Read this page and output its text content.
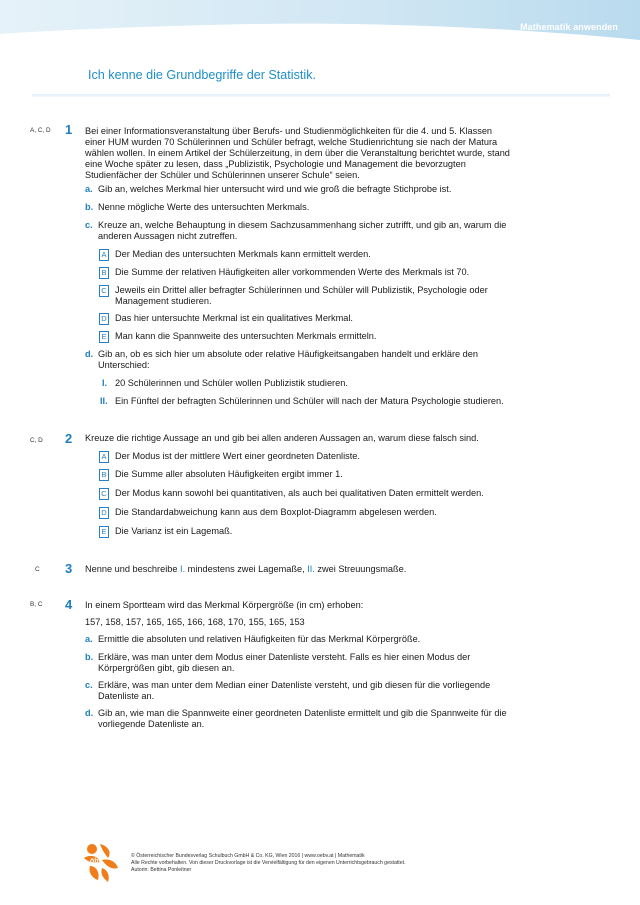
Mathematik anwenden
Ich kenne die Grundbegriffe der Statistik.
A, C, D 1 Bei einer Informationsveranstaltung über Berufs- und Studienmöglichkeiten für die 4. und 5. Klassen
einer HUM wurden 70 Schülerinnen und Schüler befragt, welche Studienrichtung sie nach der Matura
wählen wollen. In einem Artikel der Schülerzeitung, in dem über die Veranstaltung berichtet wurde, stand
eine Woche später zu lesen, dass „Publizistik, Psychologie und Management die bevorzugten
Studienfächer der Schüler und Schülerinnen unserer Schule“ seien.
a. Gib an, welches Merkmal hier untersucht wird und wie groß die befragte Stichprobe ist.
b. Nenne mögliche Werte des untersuchten Merkmals.
c. Kreuze an, welche Behauptung in diesem Sachzusammenhang sicher zutrifft, und gib an, warum die
anderen Aussagen nicht zutreffen.
A Der Median des untersuchten Merkmals kann ermittelt werden.
B Die Summe der relativen Häufigkeiten aller vorkommenden Werte des Merkmals ist 70.
C Jeweils ein Drittel aller befragter Schülerinnen und Schüler will Publizistik, Psychologie oder
Management studieren.
D Das hier untersuchte Merkmal ist ein qualitatives Merkmal.
E Man kann die Spannweite des untersuchten Merkmals ermitteln.
d. Gib an, ob es sich hier um absolute oder relative Häufigkeitsangaben handelt und erkläre den
Unterschied:
I. 20 Schülerinnen und Schüler wollen Publizistik studieren.
II. Ein Fünftel der befragten Schülerinnen und Schüler will nach der Matura Psychologie studieren.
C, D 2 Kreuze die richtige Aussage an und gib bei allen anderen Aussagen an, warum diese falsch sind.
A Der Modus ist der mittlere Wert einer geordneten Datenliste.
B Die Summe aller absoluten Häufigkeiten ergibt immer 1.
C Der Modus kann sowohl bei quantitativen, als auch bei qualitativen Daten ermittelt werden.
D Die Standardabweichung kann aus dem Boxplot-Diagramm abgelesen werden.
E Die Varianz ist ein Lagemaß.
C 3 Nenne und beschreibe I. mindestens zwei Lagemaße, II. zwei Streuungsmaße.
B, C 4 In einem Sportteam wird das Merkmal Körpergröße (in cm) erhoben:
157, 158, 157, 165, 165, 166, 168, 170, 155, 165, 153
a. Ermittle die absoluten und relativen Häufigkeiten für das Merkmal Körpergröße.
b. Erkläre, was man unter dem Modus einer Datenliste versteht. Falls es hier einen Modus der
Körpergrößen gibt, gib diesen an.
c. Erkläre, was man unter dem Median einer Datenliste versteht, und gib diesen für die vorliegende
Datenliste an.
d. Gib an, wie man die Spannweite einer geordneten Datenliste ermittelt und gib die Spannweite für die
vorliegende Datenliste an.
öbv
© Österreichischer Bundesverlag Schulbuch GmbH & Co. KG, Wien 2016 | www.oebv.at | Mathematik
Alle Rechte vorbehalten. Von dieser Druckvorlage ist die Vervielfältigung für den eigenen Unterrichtsgebrauch gestattet.
Autorin: Bettina Ponleitner
